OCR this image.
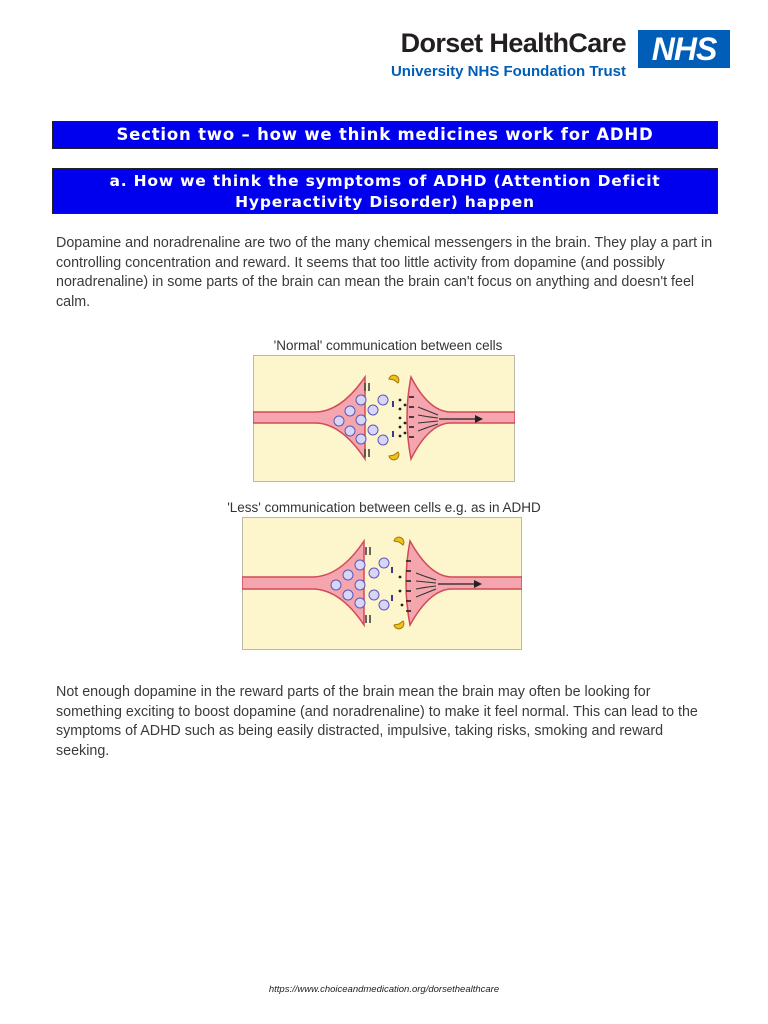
Dorset HealthCare
University NHS Foundation Trust
NHS
Section two – how we think medicines work for ADHD
a. How we think the symptoms of ADHD (Attention Deficit Hyperactivity Disorder) happen

Dopamine and noradrenaline are two of the many chemical messengers in the brain. They play a part in controlling concentration and reward. It seems that too little activity from dopamine (and possibly noradrenaline) in some parts of the brain can mean the brain can't focus on anything and doesn't feel calm.

'Normal' communication between cells
'Less' communication between cells e.g. as in ADHD

Not enough dopamine in the reward parts of the brain mean the brain may often be looking for something exciting to boost dopamine (and noradrenaline) to make it feel normal. This can lead to the symptoms of ADHD such as being easily distracted, impulsive, taking risks, smoking and reward seeking.

https://www.choiceandmedication.org/dorsethealthcare
